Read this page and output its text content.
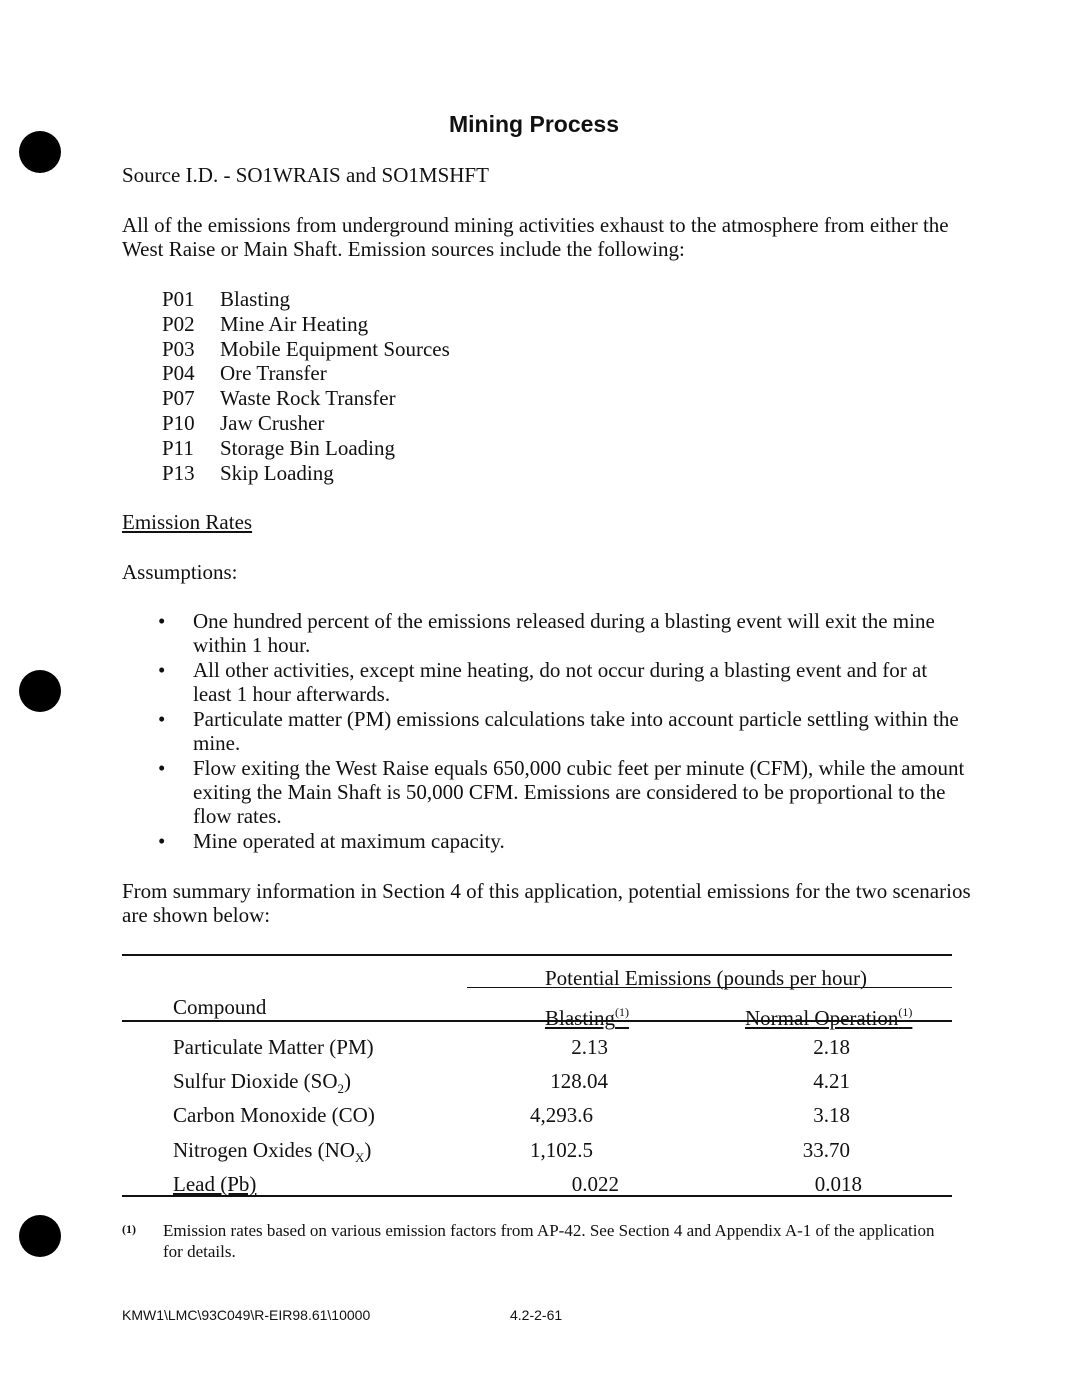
Mining Process
Source I.D. - SO1WRAIS and SO1MSHFT
All of the emissions from underground mining activities exhaust to the atmosphere from either the West Raise or Main Shaft. Emission sources include the following:
P01 Blasting
P02 Mine Air Heating
P03 Mobile Equipment Sources
P04 Ore Transfer
P07 Waste Rock Transfer
P10 Jaw Crusher
P11 Storage Bin Loading
P13 Skip Loading
Emission Rates
Assumptions:
• One hundred percent of the emissions released during a blasting event will exit the mine within 1 hour.
• All other activities, except mine heating, do not occur during a blasting event and for at least 1 hour afterwards.
• Particulate matter (PM) emissions calculations take into account particle settling within the mine.
• Flow exiting the West Raise equals 650,000 cubic feet per minute (CFM), while the amount exiting the Main Shaft is 50,000 CFM. Emissions are considered to be proportional to the flow rates.
• Mine operated at maximum capacity.
From summary information in Section 4 of this application, potential emissions for the two scenarios are shown below:
Potential Emissions (pounds per hour)
Compound	Blasting$^{(1)}$	Normal Operation$^{(1)}$
Particulate Matter (PM)	2.13	2.18
Sulfur Dioxide $(SO_2)$	128.04	4.21
Carbon Monoxide (CO)	4,293.6	3.18
Nitrogen Oxides $(NO_X)$	1,102.5	33.70
Lead (Pb)	0.022	0.018
(1) Emission rates based on various emission factors from AP-42. See Section 4 and Appendix A-1 of the application for details.
KMW1\LMC\93C049\R-EIR98.61\10000	4.2-2-61
